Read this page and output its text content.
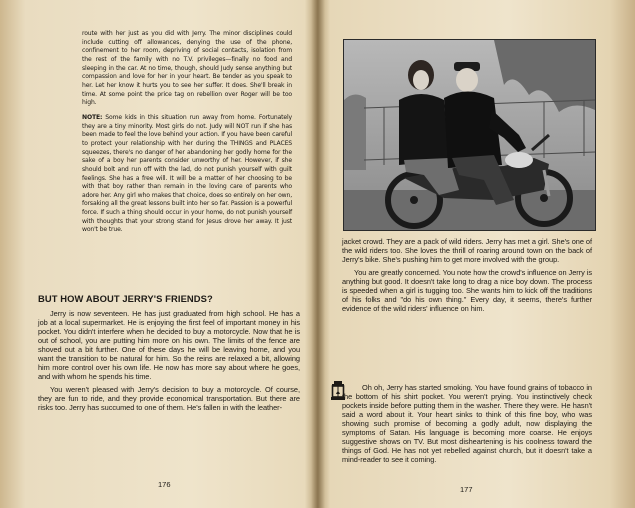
route with her just as you did with Jerry. The minor disciplines could include cutting off allowances, denying the use of the phone, confinement to her room, depriving of social contacts, isolation from the rest of the family with no T.V. privileges—finally no food and sleeping in the car. At no time, though, should Judy sense anything but compassion and love for her in your heart. Be tender as you speak to her. Let her know it hurts you to see her suffer. It does. She'll break in time. At some point the price tag on rebellion over Roger will be too high.

NOTE: Some kids in this situation run away from home. Fortunately they are a tiny minority. Most girls do not. Judy will NOT run if she has been made to feel the love behind your action. If you have been careful to protect your relationship with her during the THINGS and PLACES squeezes, there's no danger of her abandoning her godly home for the sake of a boy her parents consider unworthy of her. However, if she should bolt and run off with the lad, do not punish yourself with guilt feelings. She has a free will. It will be a matter of her choosing to be with that boy rather than remain in the loving care of parents who adore her. Any girl who makes that choice, does so entirely on her own, forsaking all the great lessons built into her so far. Passion is a powerful force. If such a thing should occur in your home, do not punish yourself with thoughts that your strong stand for Jesus drove her away. It just won't be true.

BUT HOW ABOUT JERRY'S FRIENDS?

Jerry is now seventeen. He has just graduated from high school. He has a job at a local supermarket. He is enjoying the first feel of important money in his pocket. You didn't interfere when he decided to buy a motorcycle. Now that he is out of school, you are putting him more on his own. The limits of the fence are shoved out a bit further. One of these days he will be leaving home, and you want the transition to be natural for him. So the reins are relaxed a bit, allowing him more control over his own life. He now has more say about where he goes, and with whom he spends his time.

You weren't pleased with Jerry's decision to buy a motorcycle. Of course, they are fun to ride, and they provide economical transportation. But there are risks too. Jerry has succumed to one of them. He's fallen in with the leather-

176

jacket crowd. They are a pack of wild riders. Jerry has met a girl. She's one of the wild riders too. She loves the thrill of roaring around town on the back of Jerry's bike. She's pushing him to get more involved with the group.

You are greatly concerned. You note how the crowd's influence on Jerry is anything but good. It doesn't take long to drag a nice boy down. The process is speeded when a girl is tugging too. She wants him to kick off the traditions of his folks and "do his own thing." Every day, it seems, there's further evidence of the wild riders' influence on him.

Oh oh, Jerry has started smoking. You have found grains of tobacco in the bottom of his shirt pocket. You weren't prying. You instinctively check pockets inside before putting them in the washer. There they were. He hasn't said a word about it. Your heart sinks to think of this fine boy, who was showing such promise of becoming a godly adult, now displaying the symptoms of Satan. His language is becoming more coarse. He enjoys suggestive shows on TV. But most disheartening is his coolness toward the things of God. He has not yet rebelled against church, but it doesn't take a mind-reader to see it coming.

177
